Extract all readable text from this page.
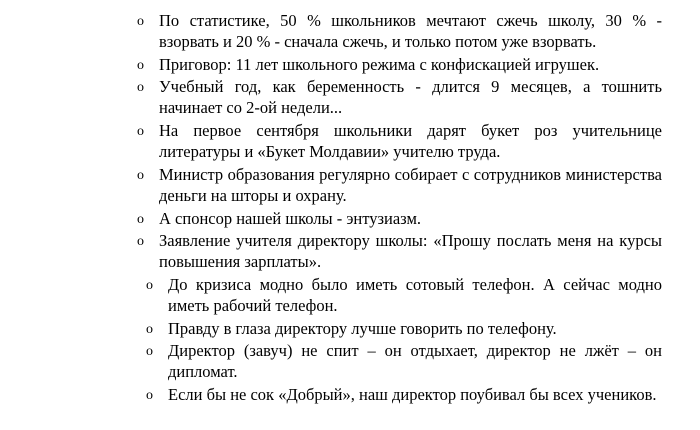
o По статистике, 50 % школьников мечтают сжечь школу, 30 % - взорвать и 20 % - сначала сжечь, и только потом уже взорвать.
o Приговор: 11 лет школьного режима с конфискацией игрушек.
o Учебный год, как беременность - длится 9 месяцев, а тошнить начинает со 2-ой недели...
o На первое сентября школьники дарят букет роз учительнице литературы и «Букет Молдавии» учителю труда.
o Министр образования регулярно собирает с сотрудников министерства деньги на шторы и охрану.
o А спонсор нашей школы - энтузиазм.
o Заявление учителя директору школы: «Прошу послать меня на курсы повышения зарплаты».
o До кризиса модно было иметь сотовый телефон. А сейчас модно иметь рабочий телефон.
o Правду в глаза директору лучше говорить по телефону.
o Директор (завуч) не спит – он отдыхает, директор не лжёт – он дипломат.
o Если бы не сок «Добрый», наш директор поубивал бы всех учеников.
